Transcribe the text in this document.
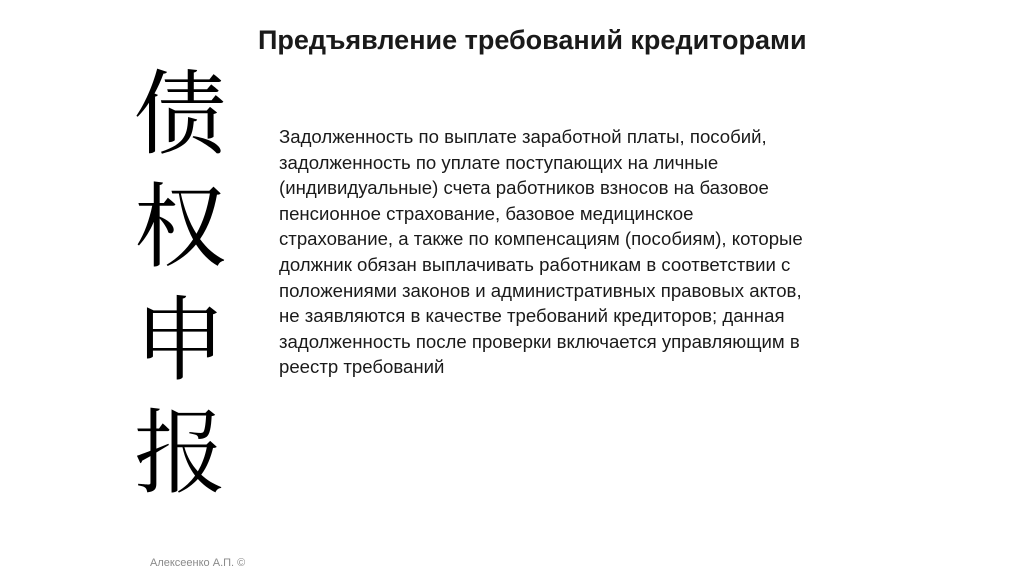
Предъявление требований кредиторами
债
权
申
报
Задолженность по выплате заработной платы, пособий,
задолженность по уплате поступающих на личные
(индивидуальные) счета работников взносов на базовое
пенсионное страхование, базовое медицинское
страхование, а также по компенсациям (пособиям), которые
должник обязан выплачивать работникам в соответствии с
положениями законов и административных правовых актов,
не заявляются в качестве требований кредиторов; данная
задолженность после проверки включается управляющим в
реестр требований
Алексеенко А.П. ©
